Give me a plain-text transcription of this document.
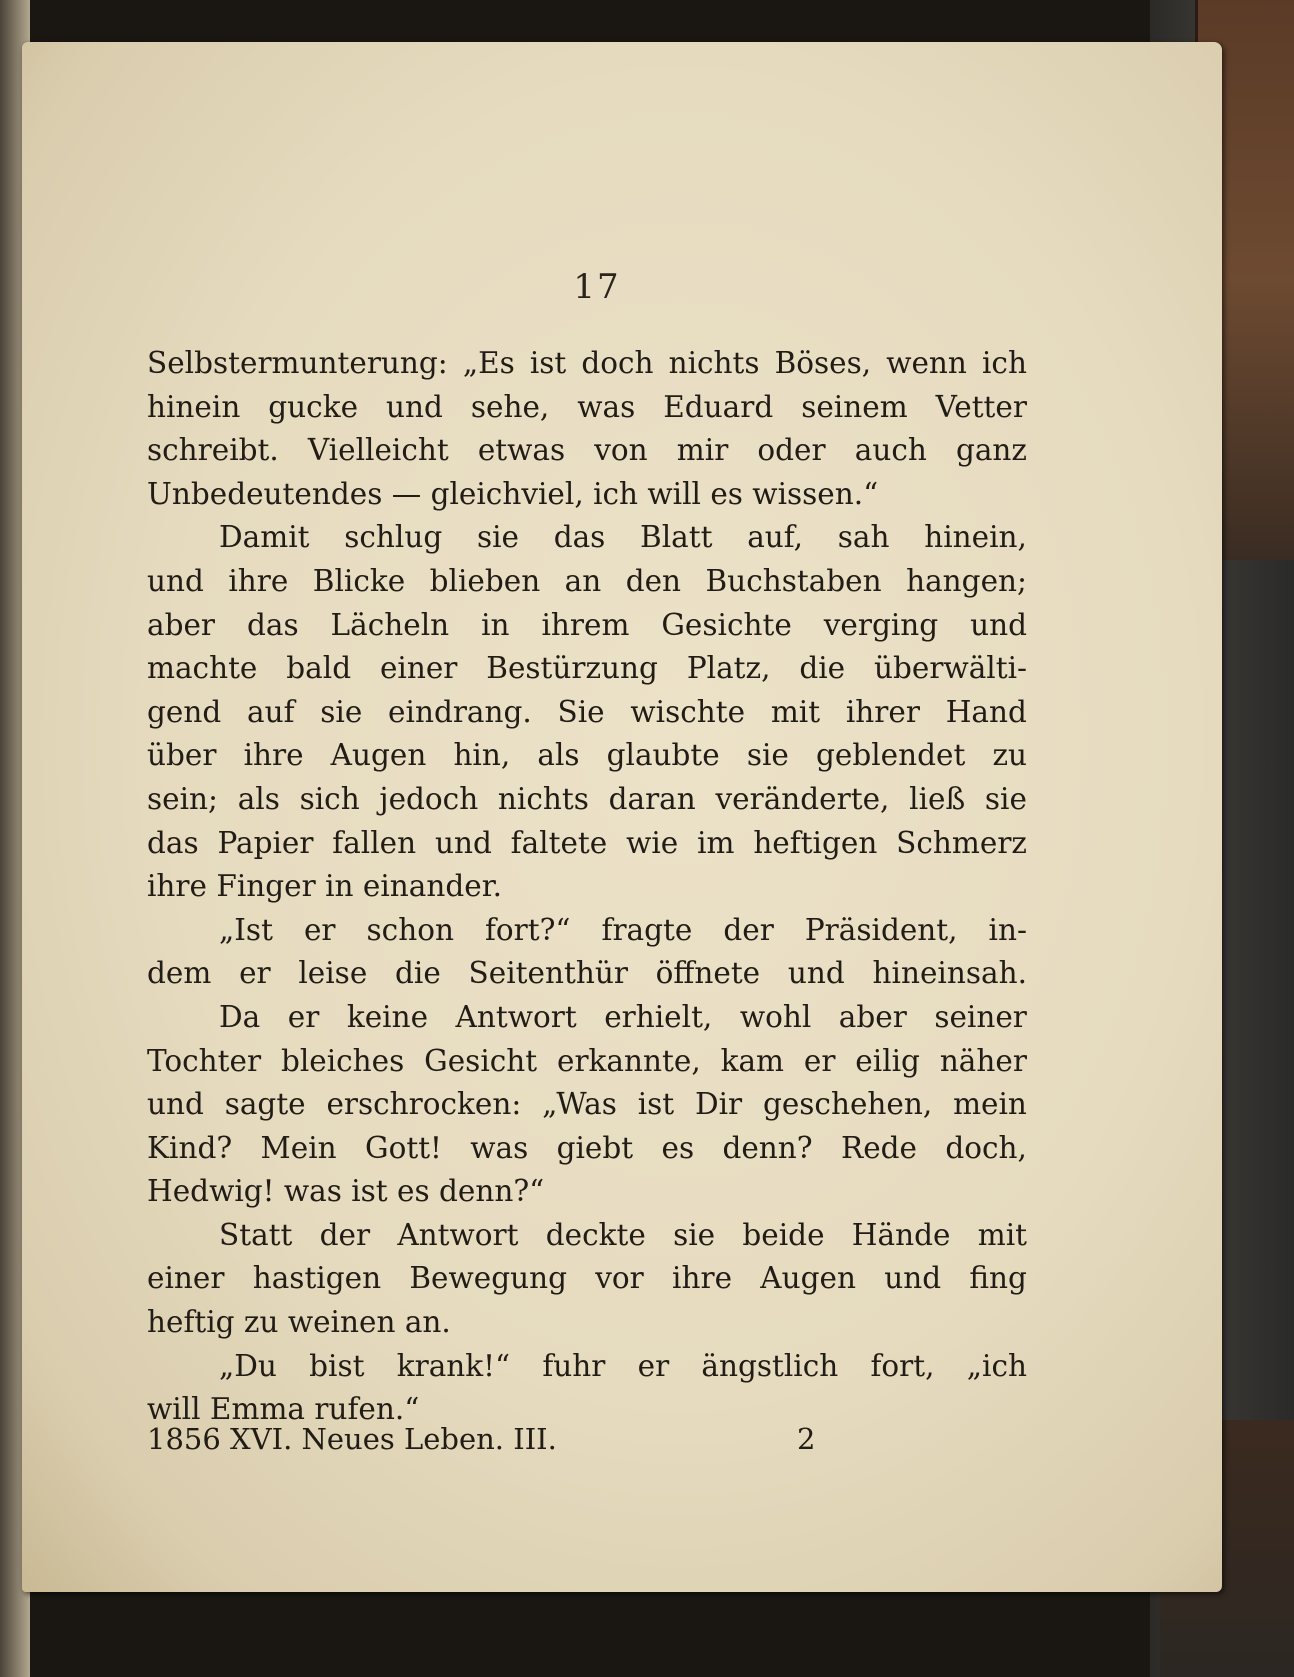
17
Selbstermunterung: „Es ist doch nichts Böses, wenn ich
hinein gucke und sehe, was Eduard seinem Vetter
schreibt. Vielleicht etwas von mir oder auch ganz
Unbedeutendes — gleichviel, ich will es wissen.“
Damit schlug sie das Blatt auf, sah hinein,
und ihre Blicke blieben an den Buchstaben hangen;
aber das Lächeln in ihrem Gesichte verging und
machte bald einer Bestürzung Platz, die überwälti-
gend auf sie eindrang. Sie wischte mit ihrer Hand
über ihre Augen hin, als glaubte sie geblendet zu
sein; als sich jedoch nichts daran veränderte, ließ sie
das Papier fallen und faltete wie im heftigen Schmerz
ihre Finger in einander.
„Ist er schon fort?“ fragte der Präsident, in-
dem er leise die Seitenthür öffnete und hineinsah.
Da er keine Antwort erhielt, wohl aber seiner
Tochter bleiches Gesicht erkannte, kam er eilig näher
und sagte erschrocken: „Was ist Dir geschehen, mein
Kind? Mein Gott! was giebt es denn? Rede doch,
Hedwig! was ist es denn?“
Statt der Antwort deckte sie beide Hände mit
einer hastigen Bewegung vor ihre Augen und fing
heftig zu weinen an.
„Du bist krank!“ fuhr er ängstlich fort, „ich
will Emma rufen.“
1856 XVI. Neues Leben. III.	2
